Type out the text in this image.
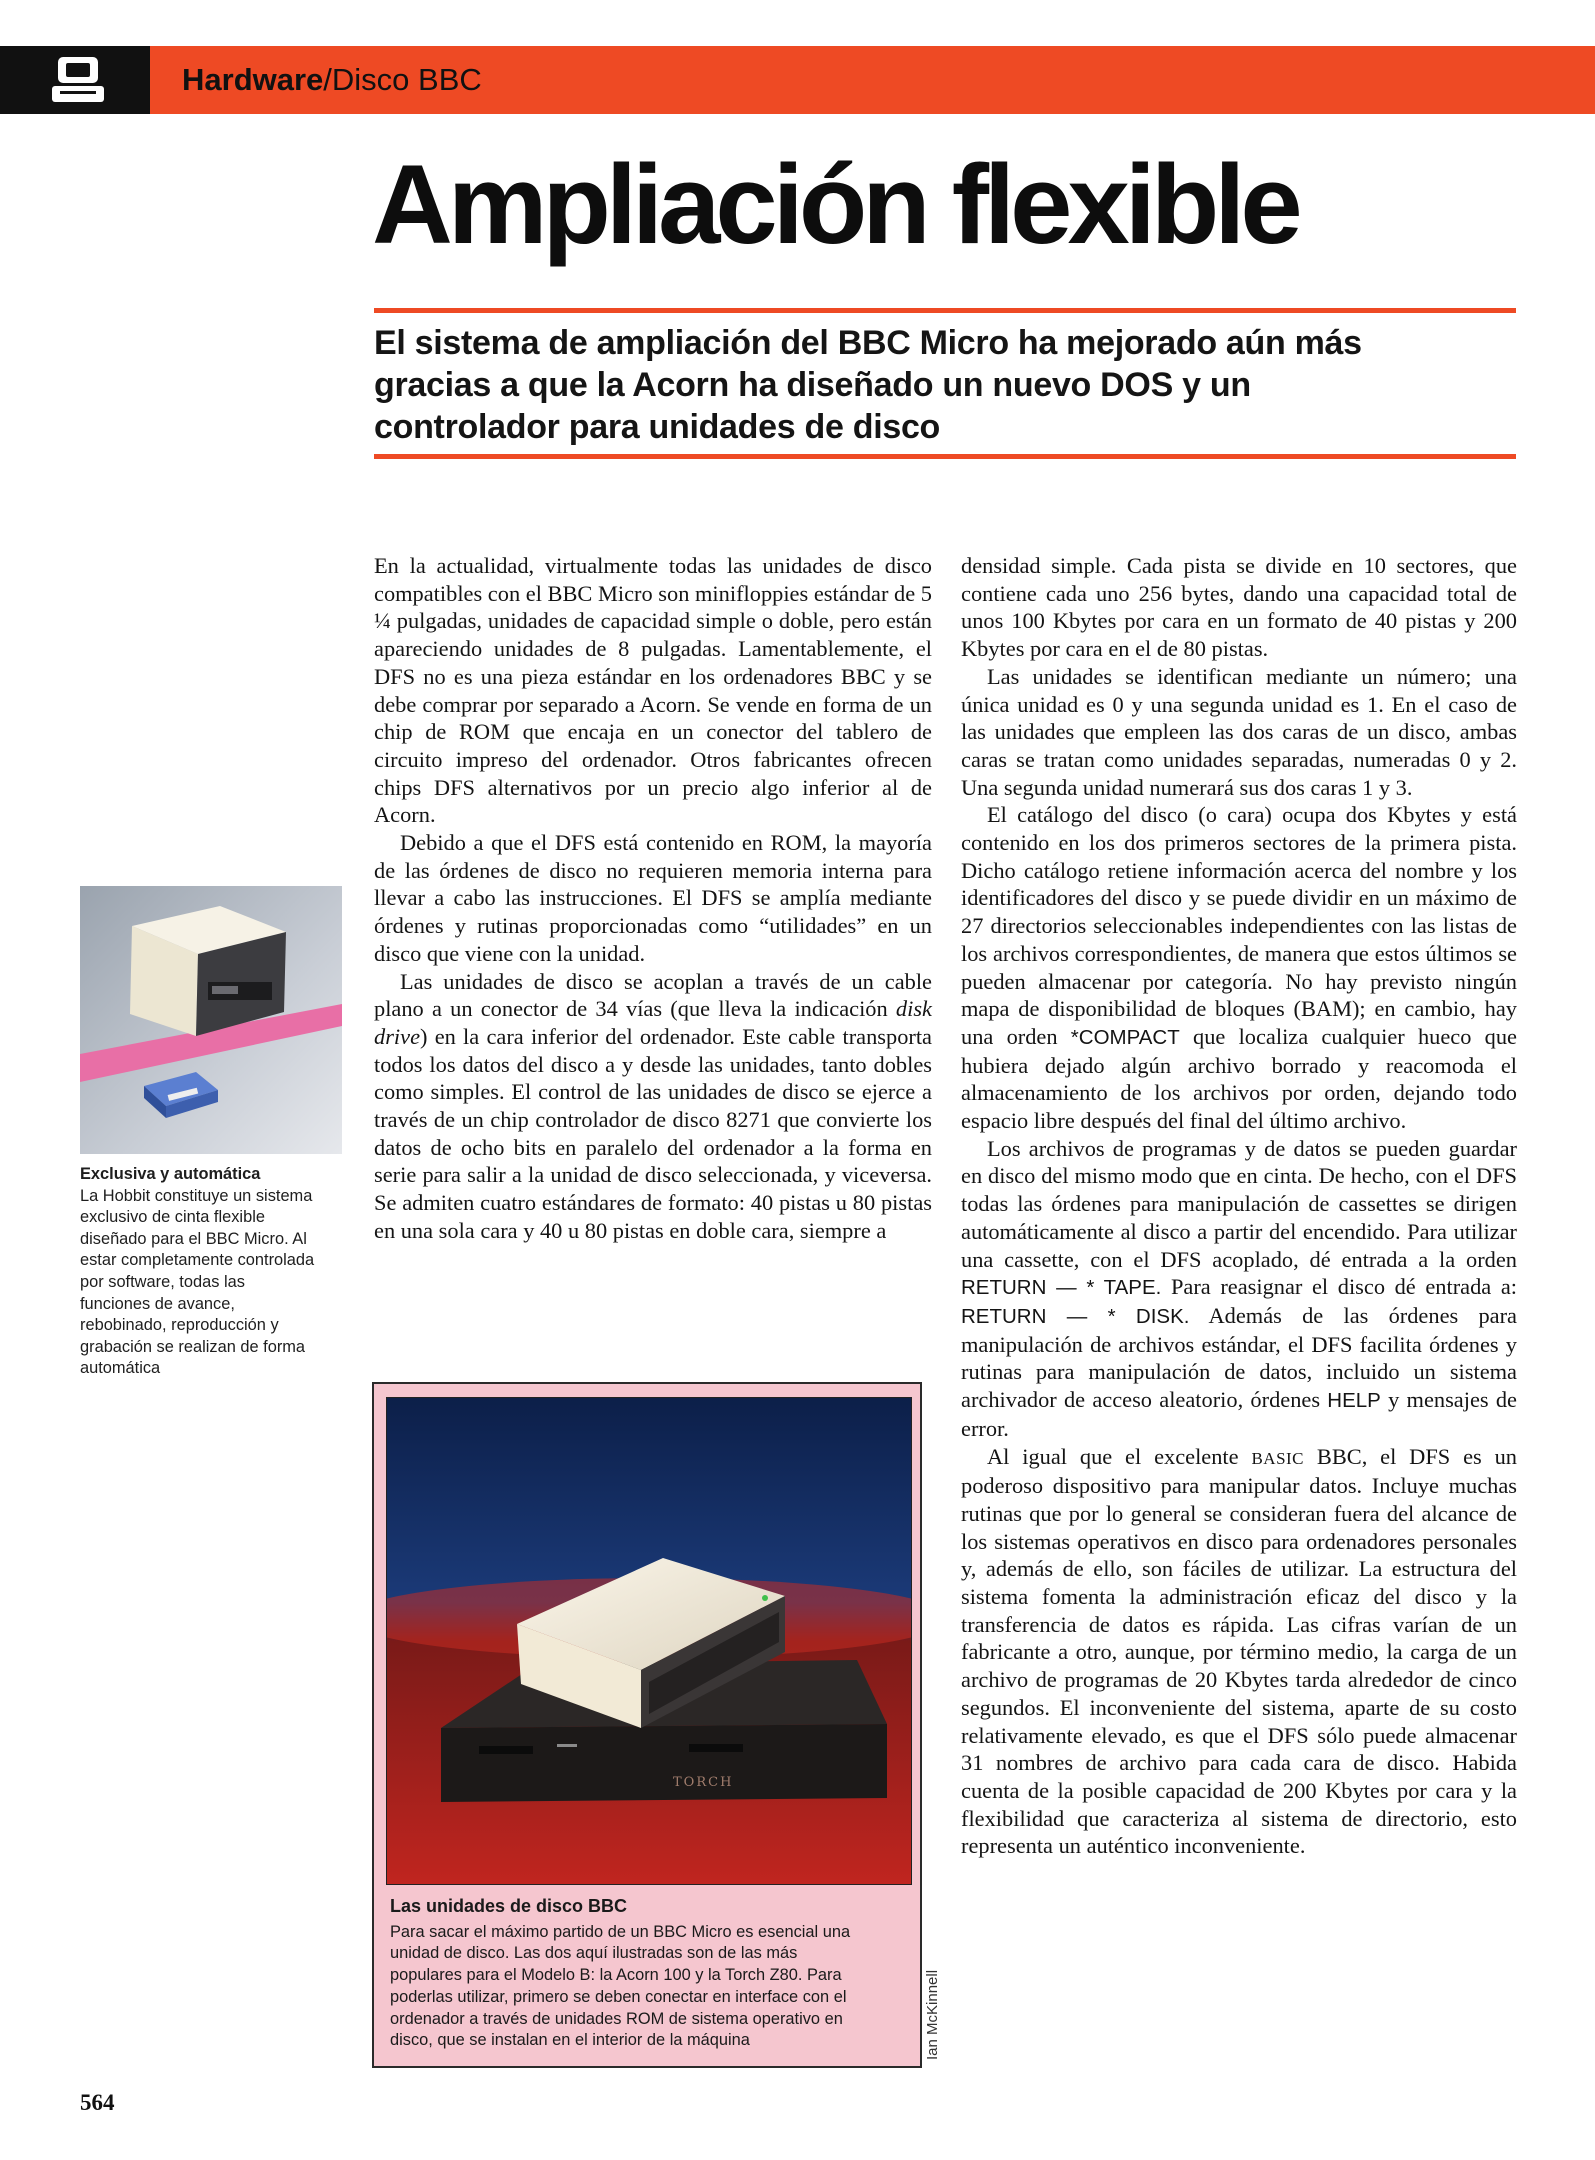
Hardware/Disco BBC
Ampliación flexible
El sistema de ampliación del BBC Micro ha mejorado aún más
gracias a que la Acorn ha diseñado un nuevo DOS y un
controlador para unidades de disco

En la actualidad, virtualmente todas las unidades de disco compatibles con el BBC Micro son minifloppies estándar de 5 ¼ pulgadas, unidades de capacidad simple o doble, pero están apareciendo unidades de 8 pulgadas. Lamentablemente, el DFS no es una pieza estándar en los ordenadores BBC y se debe comprar por separado a Acorn. Se vende en forma de un chip de ROM que encaja en un conector del tablero de circuito impreso del ordenador. Otros fabricantes ofrecen chips DFS alternativos por un precio algo inferior al de Acorn.

Debido a que el DFS está contenido en ROM, la mayoría de las órdenes de disco no requieren memoria interna para llevar a cabo las instrucciones. El DFS se amplía mediante órdenes y rutinas proporcionadas como “utilidades” en un disco que viene con la unidad.

Las unidades de disco se acoplan a través de un cable plano a un conector de 34 vías (que lleva la indicación disk drive) en la cara inferior del ordenador. Este cable transporta todos los datos del disco a y desde las unidades, tanto dobles como simples. El control de las unidades de disco se ejerce a través de un chip controlador de disco 8271 que convierte los datos de ocho bits en paralelo del ordenador a la forma en serie para salir a la unidad de disco seleccionada, y viceversa. Se admiten cuatro estándares de formato: 40 pistas u 80 pistas en una sola cara y 40 u 80 pistas en doble cara, siempre a

densidad simple. Cada pista se divide en 10 sectores, que contiene cada uno 256 bytes, dando una capacidad total de unos 100 Kbytes por cara en un formato de 40 pistas y 200 Kbytes por cara en el de 80 pistas.

Las unidades se identifican mediante un número; una única unidad es 0 y una segunda unidad es 1. En el caso de las unidades que empleen las dos caras de un disco, ambas caras se tratan como unidades separadas, numeradas 0 y 2. Una segunda unidad numerará sus dos caras 1 y 3.

El catálogo del disco (o cara) ocupa dos Kbytes y está contenido en los dos primeros sectores de la primera pista. Dicho catálogo retiene información acerca del nombre y los identificadores del disco y se puede dividir en un máximo de 27 directorios seleccionables independientes con las listas de los archivos correspondientes, de manera que estos últimos se pueden almacenar por categoría. No hay previsto ningún mapa de disponibilidad de bloques (BAM); en cambio, hay una orden *COMPACT que localiza cualquier hueco que hubiera dejado algún archivo borrado y reacomoda el almacenamiento de los archivos por orden, dejando todo espacio libre después del final del último archivo.

Los archivos de programas y de datos se pueden guardar en disco del mismo modo que en cinta. De hecho, con el DFS todas las órdenes para manipulación de cassettes se dirigen automáticamente al disco a partir del encendido. Para utilizar una cassette, con el DFS acoplado, dé entrada a la orden RETURN — * TAPE. Para reasignar el disco dé entrada a: RETURN — * DISK. Además de las órdenes para manipulación de archivos estándar, el DFS facilita órdenes y rutinas para manipulación de datos, incluido un sistema archivador de acceso aleatorio, órdenes HELP y mensajes de error.

Al igual que el excelente BASIC BBC, el DFS es un poderoso dispositivo para manipular datos. Incluye muchas rutinas que por lo general se consideran fuera del alcance de los sistemas operativos en disco para ordenadores personales y, además de ello, son fáciles de utilizar. La estructura del sistema fomenta la administración eficaz del disco y la transferencia de datos es rápida. Las cifras varían de un fabricante a otro, aunque, por término medio, la carga de un archivo de programas de 20 Kbytes tarda alrededor de cinco segundos. El inconveniente del sistema, aparte de su costo relativamente elevado, es que el DFS sólo puede almacenar 31 nombres de archivo para cada cara de disco. Habida cuenta de la posible capacidad de 200 Kbytes por cara y la flexibilidad que caracteriza al sistema de directorio, esto representa un auténtico inconveniente.

Exclusiva y automática
La Hobbit constituye un sistema
exclusivo de cinta flexible
diseñado para el BBC Micro. Al
estar completamente controlada
por software, todas las
funciones de avance,
rebobinado, reproducción y
grabación se realizan de forma
automática
TORCH
Las unidades de disco BBC
Para sacar el máximo partido de un BBC Micro es esencial una
unidad de disco. Las dos aquí ilustradas son de las más
populares para el Modelo B: la Acorn 100 y la Torch Z80. Para
poderlas utilizar, primero se deben conectar en interface con el
ordenador a través de unidades ROM de sistema operativo en
disco, que se instalan en el interior de la máquina	Ian McKinnell
564
